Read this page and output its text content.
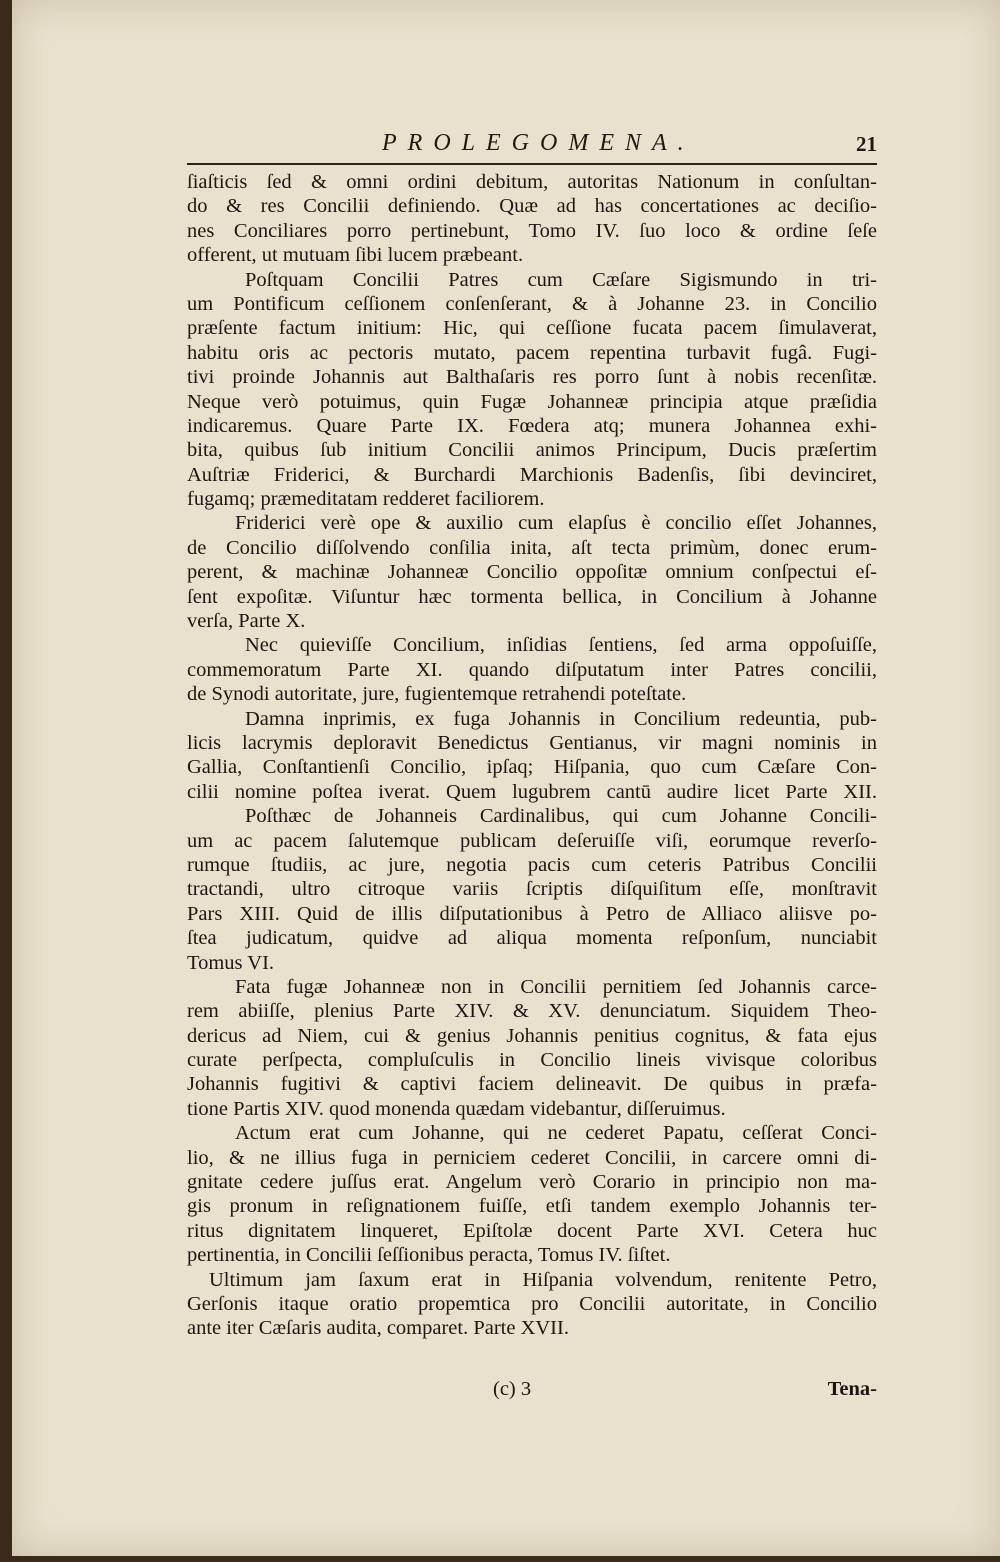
PROLEGOMENA.	21
ſiaſticis ſed & omni ordini debitum, autoritas Nationum in conſultan-
do & res Concilii definiendo. Quæ ad has concertationes ac deciſio-
nes Conciliares porro pertinebunt, Tomo IV. ſuo loco & ordine ſeſe
offerent, ut mutuam ſibi lucem præbeant.
Poſtquam Concilii Patres cum Cæſare Sigismundo in tri-
um Pontificum ceſſionem conſenſerant, & à Johanne 23. in Concilio
præſente factum initium: Hic, qui ceſſione fucata pacem ſimulaverat,
habitu oris ac pectoris mutato, pacem repentina turbavit fugâ. Fugi-
tivi proinde Johannis aut Balthaſaris res porro ſunt à nobis recenſitæ.
Neque verò potuimus, quin Fugæ Johanneæ principia atque præſidia
indicaremus. Quare Parte IX. Fœdera atq; munera Johannea exhi-
bita, quibus ſub initium Concilii animos Principum, Ducis præſertim
Auſtriæ Friderici, & Burchardi Marchionis Badenſis, ſibi devinciret,
fugamq; præmeditatam redderet faciliorem.
Friderici verè ope & auxilio cum elapſus è concilio eſſet Johannes,
de Concilio diſſolvendo conſilia inita, aſt tecta primùm, donec erum-
perent, & machinæ Johanneæ Concilio oppoſitæ omnium conſpectui eſ-
ſent expoſitæ. Viſuntur hæc tormenta bellica, in Concilium à Johanne
verſa, Parte X.
Nec quieviſſe Concilium, inſidias ſentiens, ſed arma oppoſuiſſe,
commemoratum Parte XI. quando diſputatum inter Patres concilii,
de Synodi autoritate, jure, fugientemque retrahendi poteſtate.
Damna inprimis, ex fuga Johannis in Concilium redeuntia, pub-
licis lacrymis deploravit Benedictus Gentianus, vir magni nominis in
Gallia, Conſtantienſi Concilio, ipſaq; Hiſpania, quo cum Cæſare Con-
cilii nomine poſtea iverat. Quem lugubrem cantū audire licet Parte XII.
Poſthæc de Johanneis Cardinalibus, qui cum Johanne Concili-
um ac pacem ſalutemque publicam deſeruiſſe viſi, eorumque reverſo-
rumque ſtudiis, ac jure, negotia pacis cum ceteris Patribus Concilii
tractandi, ultro citroque variis ſcriptis diſquiſitum eſſe, monſtravit
Pars XIII. Quid de illis diſputationibus à Petro de Alliaco aliisve po-
ſtea judicatum, quidve ad aliqua momenta reſponſum, nunciabit
Tomus VI.
Fata fugæ Johanneæ non in Concilii pernitiem ſed Johannis carce-
rem abiiſſe, plenius Parte XIV. & XV. denunciatum. Siquidem Theo-
dericus ad Niem, cui & genius Johannis penitius cognitus, & fata ejus
curate perſpecta, compluſculis in Concilio lineis vivisque coloribus
Johannis fugitivi & captivi faciem delineavit. De quibus in præfa-
tione Partis XIV. quod monenda quædam videbantur, diſſeruimus.
Actum erat cum Johanne, qui ne cederet Papatu, ceſſerat Conci-
lio, & ne illius fuga in perniciem cederet Concilii, in carcere omni di-
gnitate cedere juſſus erat. Angelum verò Corario in principio non ma-
gis pronum in reſignationem fuiſſe, etſi tandem exemplo Johannis ter-
ritus dignitatem linqueret, Epiſtolæ docent Parte XVI. Cetera huc
pertinentia, in Concilii ſeſſionibus peracta, Tomus IV. ſiſtet.
Ultimum jam ſaxum erat in Hiſpania volvendum, renitente Petro,
Gerſonis itaque oratio propemtica pro Concilii autoritate, in Concilio
ante iter Cæſaris audita, comparet. Parte XVII.
(c) 3	Tena-
